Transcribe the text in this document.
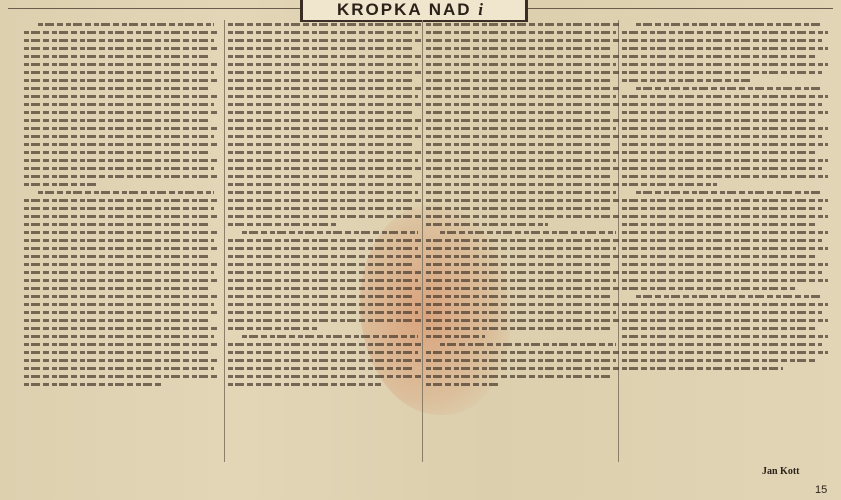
KROPKA NAD i
Jan Kott
15
